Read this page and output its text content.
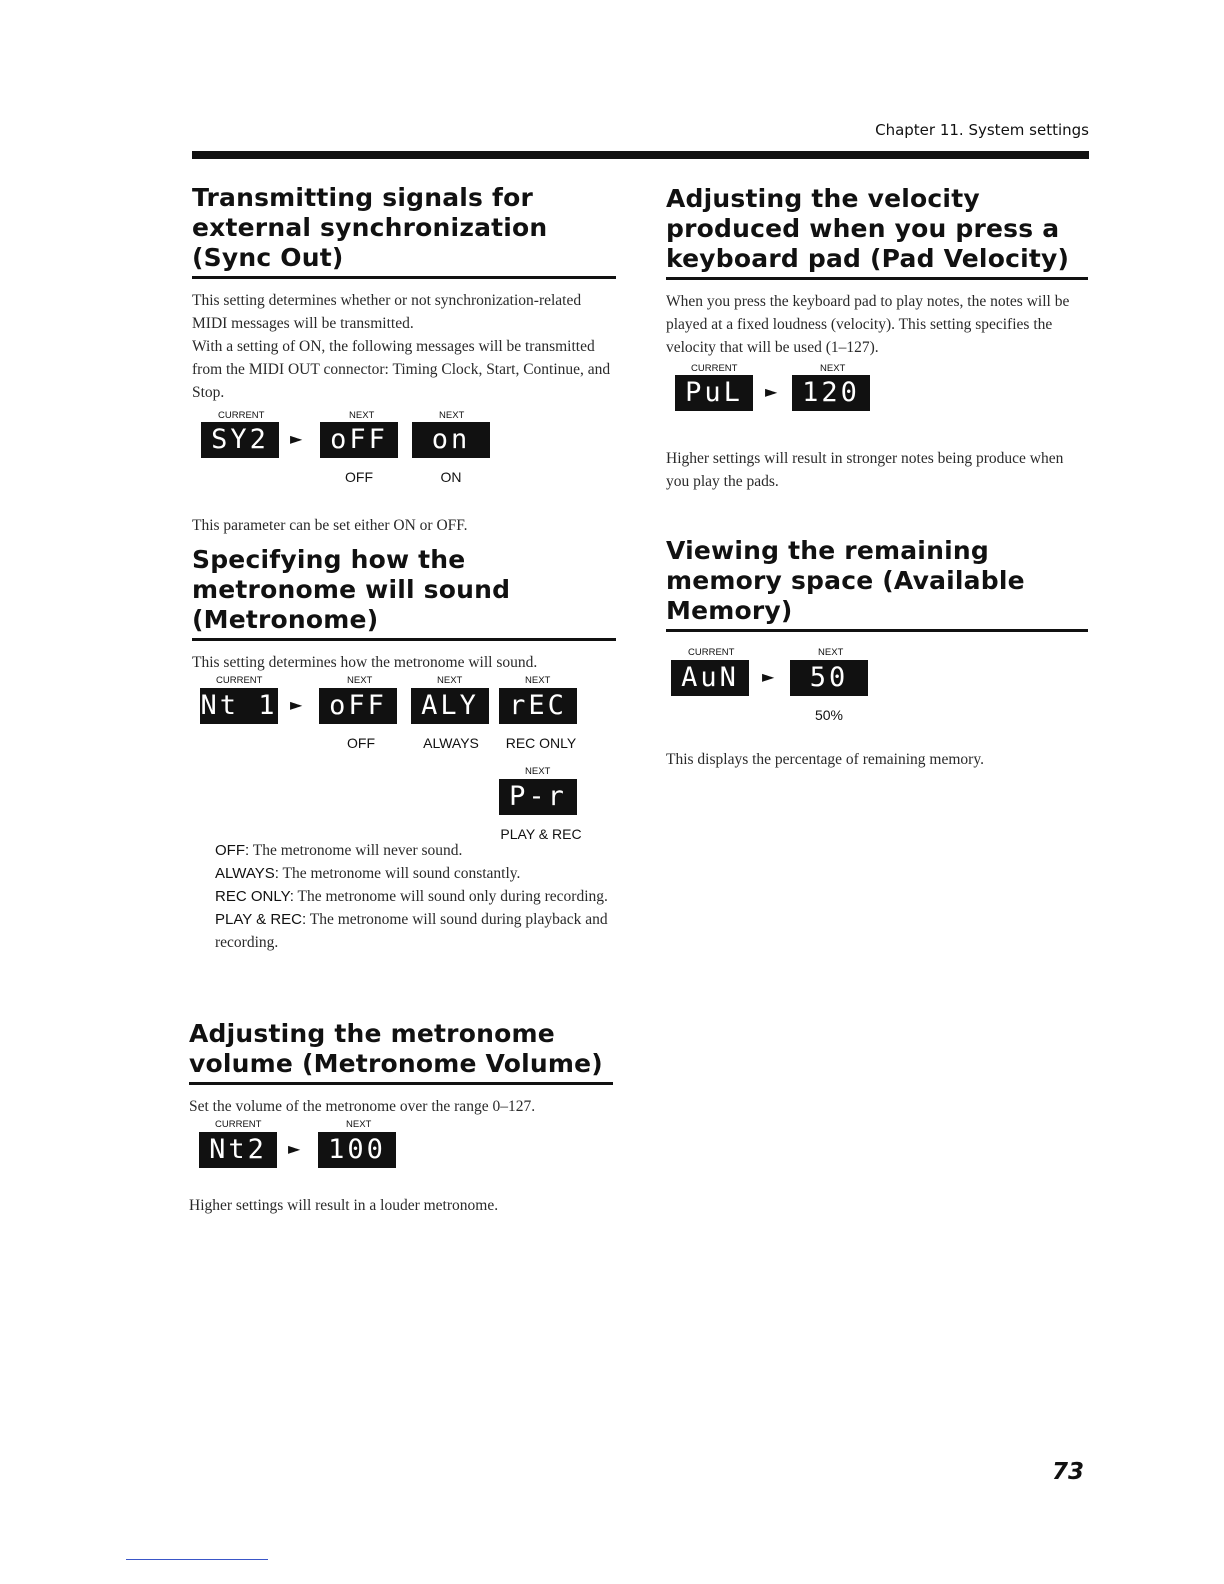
Chapter 11. System settings
Transmitting signals for external synchronization (Sync Out)

This setting determines whether or not synchronization-related MIDI messages will be transmitted.

With a setting of ON, the following messages will be transmitted from the MIDI OUT connector: Timing Clock, Start, Continue, and Stop.

CURRENT
SY2	►
NEXT
oFF
OFF
NEXT
on
ON

This parameter can be set either ON or OFF.

Specifying how the metronome will sound (Metronome)

This setting determines how the metronome will sound.

CURRENT
Nt 1 ►
NEXT
oFF
OFF
NEXT
ALY
ALWAYS
NEXT
rEC
REC ONLY
NEXT
P-r
PLAY & REC

OFF: The metronome will never sound.

ALWAYS: The metronome will sound constantly.

REC ONLY: The metronome will sound only during recording.

PLAY & REC: The metronome will sound during playback and recording.

Adjusting the metronome volume (Metronome Volume)

Set the volume of the metronome over the range 0–127.

CURRENT
Nt2	►
NEXT
100

Higher settings will result in a louder metronome.

Adjusting the velocity produced when you press a keyboard pad (Pad Velocity)

When you press the keyboard pad to play notes, the notes will be played at a fixed loudness (velocity). This setting specifies the velocity that will be used (1–127).

CURRENT
PuL	►
NEXT
120

Higher settings will result in stronger notes being produce when you play the pads.

Viewing the remaining memory space (Available Memory)
CURRENT
AuN	►
NEXT
50
50%

This displays the percentage of remaining memory.

73
